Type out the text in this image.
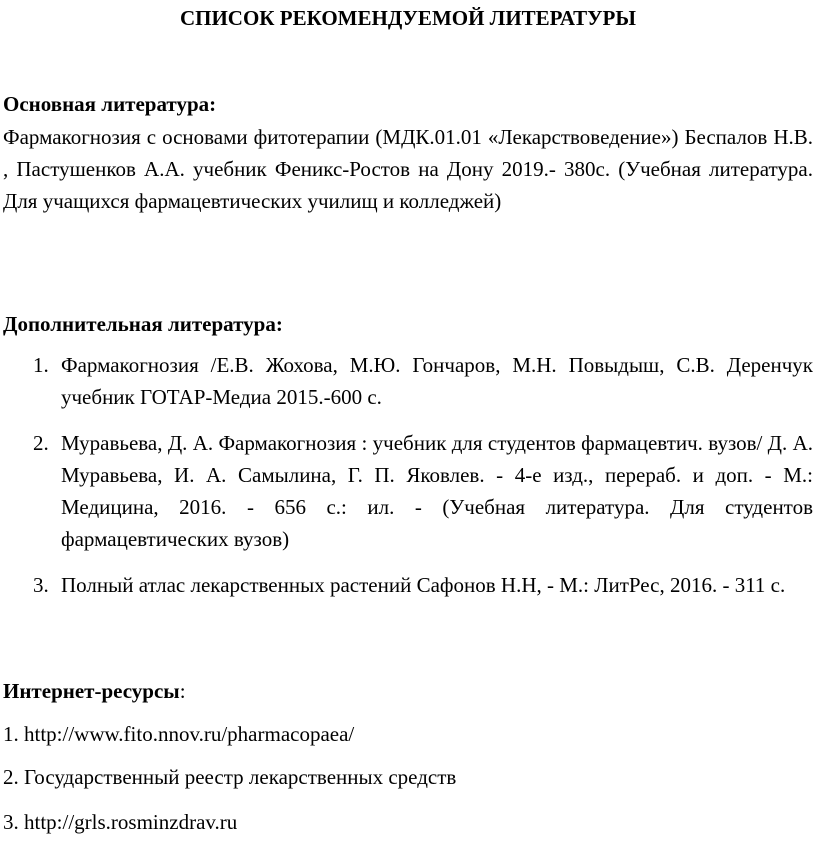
СПИСОК РЕКОМЕНДУЕМОЙ ЛИТЕРАТУРЫ
Основная литература:
Фармакогнозия с основами фитотерапии (МДК.01.01 «Лекарствоведение») Беспалов Н.В. , Пастушенков А.А. учебник Феникс-Ростов на Дону 2019.- 380с. (Учебная литература. Для учащихся фармацевтических училищ и колледжей)
Дополнительная литература:
1. Фармакогнозия /Е.В. Жохова, М.Ю. Гончаров, М.Н. Повыдыш, С.В. Деренчук учебник ГОТАР-Медиа 2015.-600 с.
2. Муравьева, Д. А. Фармакогнозия : учебник для студентов фармацевтич. вузов/ Д. А. Муравьева, И. А. Самылина, Г. П. Яковлев. - 4-е изд., перераб. и доп. - М.: Медицина, 2016. - 656 с.: ил. - (Учебная литература. Для студентов фармацевтических вузов)
3. Полный атлас лекарственных растений Сафонов Н.Н, - М.: ЛитРес, 2016. - 311 с.
Интернет-ресурсы:
1. http://www.fito.nnov.ru/pharmacopaea/
2. Государственный реестр лекарственных средств
3. http://grls.rosminzdrav.ru
